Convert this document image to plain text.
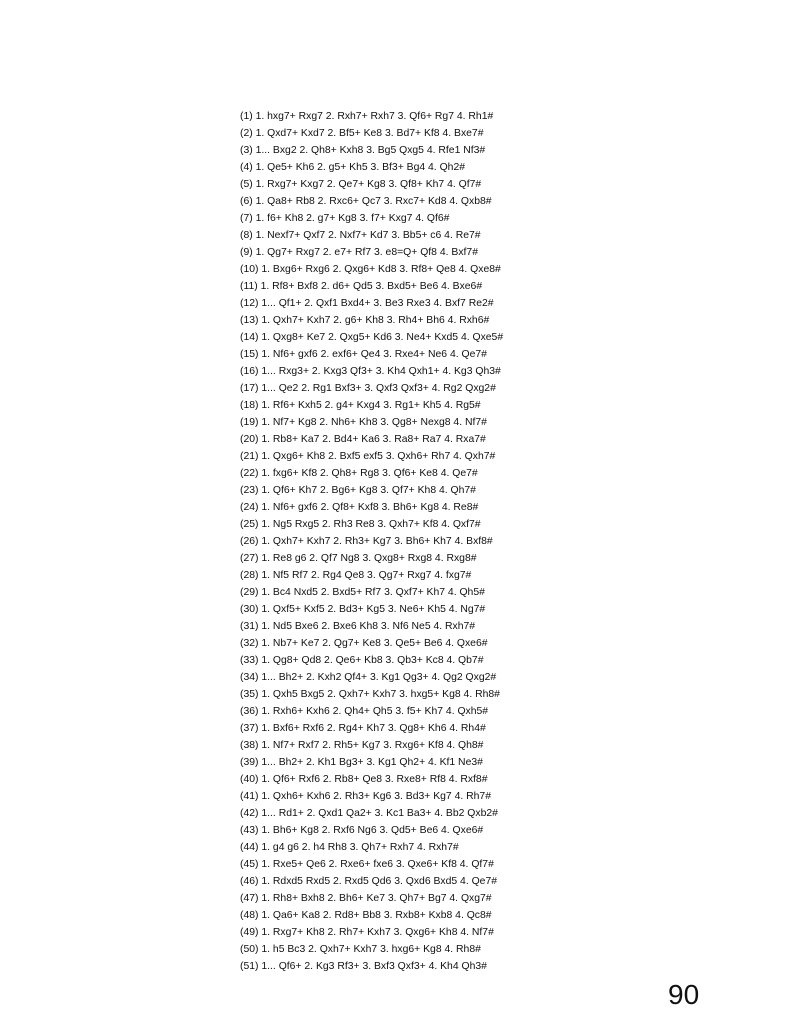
(1) 1. hxg7+ Rxg7 2. Rxh7+ Rxh7 3. Qf6+ Rg7 4. Rh1#
(2) 1. Qxd7+ Kxd7 2. Bf5+ Ke8 3. Bd7+ Kf8 4. Bxe7#
(3) 1... Bxg2 2. Qh8+ Kxh8 3. Bg5 Qxg5 4. Rfe1 Nf3#
(4) 1. Qe5+ Kh6 2. g5+ Kh5 3. Bf3+ Bg4 4. Qh2#
(5) 1. Rxg7+ Kxg7 2. Qe7+ Kg8 3. Qf8+ Kh7 4. Qf7#
(6) 1. Qa8+ Rb8 2. Rxc6+ Qc7 3. Rxc7+ Kd8 4. Qxb8#
(7) 1. f6+ Kh8 2. g7+ Kg8 3. f7+ Kxg7 4. Qf6#
(8) 1. Nexf7+ Qxf7 2. Nxf7+ Kd7 3. Bb5+ c6 4. Re7#
(9) 1. Qg7+ Rxg7 2. e7+ Rf7 3. e8=Q+ Qf8 4. Bxf7#
(10) 1. Bxg6+ Rxg6 2. Qxg6+ Kd8 3. Rf8+ Qe8 4. Qxe8#
(11) 1. Rf8+ Bxf8 2. d6+ Qd5 3. Bxd5+ Be6 4. Bxe6#
(12) 1... Qf1+ 2. Qxf1 Bxd4+ 3. Be3 Rxe3 4. Bxf7 Re2#
(13) 1. Qxh7+ Kxh7 2. g6+ Kh8 3. Rh4+ Bh6 4. Rxh6#
(14) 1. Qxg8+ Ke7 2. Qxg5+ Kd6 3. Ne4+ Kxd5 4. Qxe5#
(15) 1. Nf6+ gxf6 2. exf6+ Qe4 3. Rxe4+ Ne6 4. Qe7#
(16) 1... Rxg3+ 2. Kxg3 Qf3+ 3. Kh4 Qxh1+ 4. Kg3 Qh3#
(17) 1... Qe2 2. Rg1 Bxf3+ 3. Qxf3 Qxf3+ 4. Rg2 Qxg2#
(18) 1. Rf6+ Kxh5 2. g4+ Kxg4 3. Rg1+ Kh5 4. Rg5#
(19) 1. Nf7+ Kg8 2. Nh6+ Kh8 3. Qg8+ Nexg8 4. Nf7#
(20) 1. Rb8+ Ka7 2. Bd4+ Ka6 3. Ra8+ Ra7 4. Rxa7#
(21) 1. Qxg6+ Kh8 2. Bxf5 exf5 3. Qxh6+ Rh7 4. Qxh7#
(22) 1. fxg6+ Kf8 2. Qh8+ Rg8 3. Qf6+ Ke8 4. Qe7#
(23) 1. Qf6+ Kh7 2. Bg6+ Kg8 3. Qf7+ Kh8 4. Qh7#
(24) 1. Nf6+ gxf6 2. Qf8+ Kxf8 3. Bh6+ Kg8 4. Re8#
(25) 1. Ng5 Rxg5 2. Rh3 Re8 3. Qxh7+ Kf8 4. Qxf7#
(26) 1. Qxh7+ Kxh7 2. Rh3+ Kg7 3. Bh6+ Kh7 4. Bxf8#
(27) 1. Re8 g6 2. Qf7 Ng8 3. Qxg8+ Rxg8 4. Rxg8#
(28) 1. Nf5 Rf7 2. Rg4 Qe8 3. Qg7+ Rxg7 4. fxg7#
(29) 1. Bc4 Nxd5 2. Bxd5+ Rf7 3. Qxf7+ Kh7 4. Qh5#
(30) 1. Qxf5+ Kxf5 2. Bd3+ Kg5 3. Ne6+ Kh5 4. Ng7#
(31) 1. Nd5 Bxe6 2. Bxe6 Kh8 3. Nf6 Ne5 4. Rxh7#
(32) 1. Nb7+ Ke7 2. Qg7+ Ke8 3. Qe5+ Be6 4. Qxe6#
(33) 1. Qg8+ Qd8 2. Qe6+ Kb8 3. Qb3+ Kc8 4. Qb7#
(34) 1... Bh2+ 2. Kxh2 Qf4+ 3. Kg1 Qg3+ 4. Qg2 Qxg2#
(35) 1. Qxh5 Bxg5 2. Qxh7+ Kxh7 3. hxg5+ Kg8 4. Rh8#
(36) 1. Rxh6+ Kxh6 2. Qh4+ Qh5 3. f5+ Kh7 4. Qxh5#
(37) 1. Bxf6+ Rxf6 2. Rg4+ Kh7 3. Qg8+ Kh6 4. Rh4#
(38) 1. Nf7+ Rxf7 2. Rh5+ Kg7 3. Rxg6+ Kf8 4. Qh8#
(39) 1... Bh2+ 2. Kh1 Bg3+ 3. Kg1 Qh2+ 4. Kf1 Ne3#
(40) 1. Qf6+ Rxf6 2. Rb8+ Qe8 3. Rxe8+ Rf8 4. Rxf8#
(41) 1. Qxh6+ Kxh6 2. Rh3+ Kg6 3. Bd3+ Kg7 4. Rh7#
(42) 1... Rd1+ 2. Qxd1 Qa2+ 3. Kc1 Ba3+ 4. Bb2 Qxb2#
(43) 1. Bh6+ Kg8 2. Rxf6 Ng6 3. Qd5+ Be6 4. Qxe6#
(44) 1. g4 g6 2. h4 Rh8 3. Qh7+ Rxh7 4. Rxh7#
(45) 1. Rxe5+ Qe6 2. Rxe6+ fxe6 3. Qxe6+ Kf8 4. Qf7#
(46) 1. Rdxd5 Rxd5 2. Rxd5 Qd6 3. Qxd6 Bxd5 4. Qe7#
(47) 1. Rh8+ Bxh8 2. Bh6+ Ke7 3. Qh7+ Bg7 4. Qxg7#
(48) 1. Qa6+ Ka8 2. Rd8+ Bb8 3. Rxb8+ Kxb8 4. Qc8#
(49) 1. Rxg7+ Kh8 2. Rh7+ Kxh7 3. Qxg6+ Kh8 4. Nf7#
(50) 1. h5 Bc3 2. Qxh7+ Kxh7 3. hxg6+ Kg8 4. Rh8#
(51) 1... Qf6+ 2. Kg3 Rf3+ 3. Bxf3 Qxf3+ 4. Kh4 Qh3#
90
